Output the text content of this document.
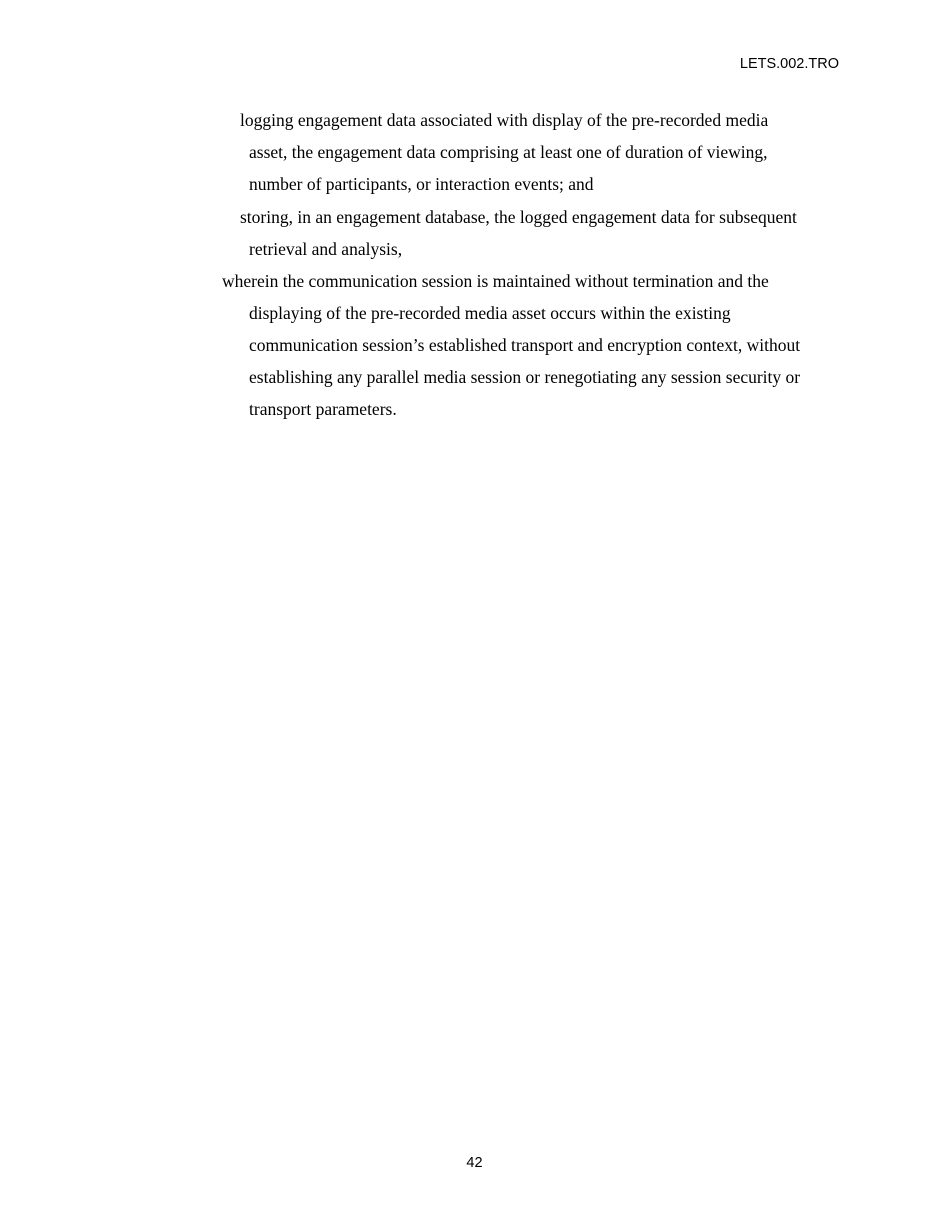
LETS.002.TRO
logging engagement data associated with display of the pre-recorded media
asset, the engagement data comprising at least one of duration of viewing,
number of participants, or interaction events; and
storing, in an engagement database, the logged engagement data for subsequent
retrieval and analysis,
wherein the communication session is maintained without termination and the
displaying of the pre-recorded media asset occurs within the existing
communication session’s established transport and encryption context, without
establishing any parallel media session or renegotiating any session security or
transport parameters.
42
